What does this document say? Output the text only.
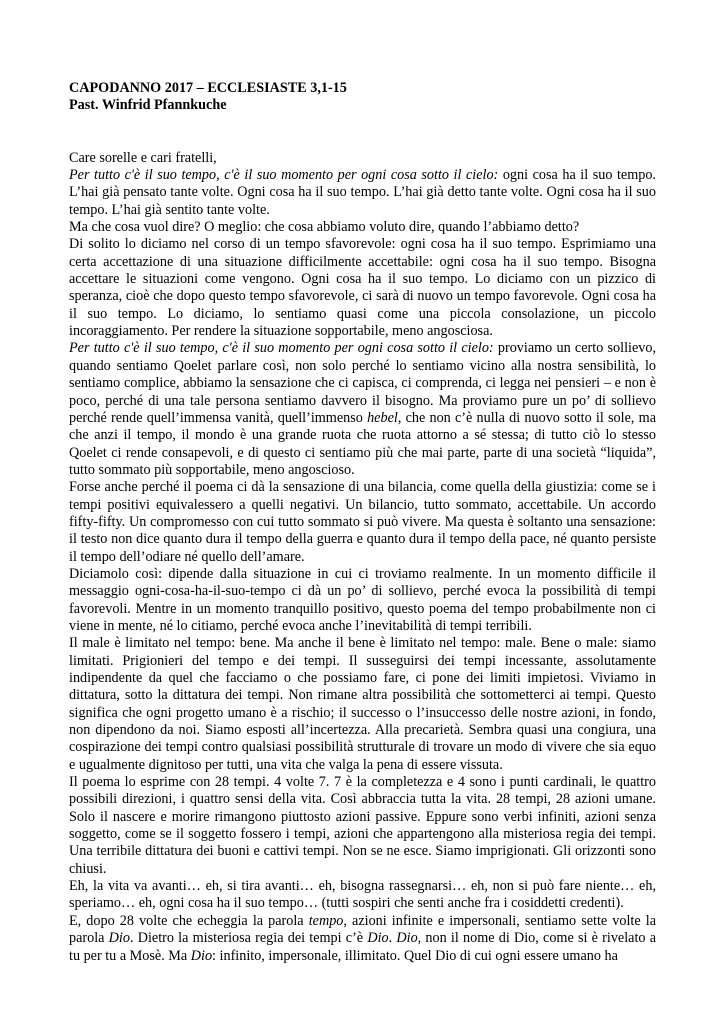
CAPODANNO 2017 – ECCLESIASTE 3,1-15

Past. Winfrid Pfannkuche

Care sorelle e cari fratelli,

Per tutto c'è il suo tempo, c'è il suo momento per ogni cosa sotto il cielo: ogni cosa ha il suo tempo. L’hai già pensato tante volte. Ogni cosa ha il suo tempo. L’hai già detto tante volte. Ogni cosa ha il suo tempo. L’hai già sentito tante volte.

Ma che cosa vuol dire? O meglio: che cosa abbiamo voluto dire, quando l’abbiamo detto?

Di solito lo diciamo nel corso di un tempo sfavorevole: ogni cosa ha il suo tempo. Esprimiamo una certa accettazione di una situazione difficilmente accettabile: ogni cosa ha il suo tempo. Bisogna accettare le situazioni come vengono. Ogni cosa ha il suo tempo. Lo diciamo con un pizzico di speranza, cioè che dopo questo tempo sfavorevole, ci sarà di nuovo un tempo favorevole. Ogni cosa ha il suo tempo. Lo diciamo, lo sentiamo quasi come una piccola consolazione, un piccolo incoraggiamento. Per rendere la situazione sopportabile, meno angosciosa.

Per tutto c'è il suo tempo, c'è il suo momento per ogni cosa sotto il cielo: proviamo un certo sollievo, quando sentiamo Qoelet parlare così, non solo perché lo sentiamo vicino alla nostra sensibilità, lo sentiamo complice, abbiamo la sensazione che ci capisca, ci comprenda, ci legga nei pensieri – e non è poco, perché di una tale persona sentiamo davvero il bisogno. Ma proviamo pure un po’ di sollievo perché rende quell’immensa vanità, quell’immenso hebel, che non c’è nulla di nuovo sotto il sole, ma che anzi il tempo, il mondo è una grande ruota che ruota attorno a sé stessa; di tutto ciò lo stesso Qoelet ci rende consapevoli, e di questo ci sentiamo più che mai parte, parte di una società “liquida”, tutto sommato più sopportabile, meno angoscioso.

Forse anche perché il poema ci dà la sensazione di una bilancia, come quella della giustizia: come se i tempi positivi equivalessero a quelli negativi. Un bilancio, tutto sommato, accettabile. Un accordo fifty-fifty. Un compromesso con cui tutto sommato si può vivere. Ma questa è soltanto una sensazione: il testo non dice quanto dura il tempo della guerra e quanto dura il tempo della pace, né quanto persiste il tempo dell’odiare né quello dell’amare.

Diciamolo così: dipende dalla situazione in cui ci troviamo realmente. In un momento difficile il messaggio ogni-cosa-ha-il-suo-tempo ci dà un po’ di sollievo, perché evoca la possibilità di tempi favorevoli. Mentre in un momento tranquillo positivo, questo poema del tempo probabilmente non ci viene in mente, né lo citiamo, perché evoca anche l’inevitabilità di tempi terribili.

Il male è limitato nel tempo: bene. Ma anche il bene è limitato nel tempo: male. Bene o male: siamo limitati. Prigionieri del tempo e dei tempi. Il susseguirsi dei tempi incessante, assolutamente indipendente da quel che facciamo o che possiamo fare, ci pone dei limiti impietosi. Viviamo in dittatura, sotto la dittatura dei tempi. Non rimane altra possibilità che sottometterci ai tempi. Questo significa che ogni progetto umano è a rischio; il successo o l’insuccesso delle nostre azioni, in fondo, non dipendono da noi. Siamo esposti all’incertezza. Alla precarietà. Sembra quasi una congiura, una cospirazione dei tempi contro qualsiasi possibilità strutturale di trovare un modo di vivere che sia equo e ugualmente dignitoso per tutti, una vita che valga la pena di essere vissuta.

Il poema lo esprime con 28 tempi. 4 volte 7. 7 è la completezza e 4 sono i punti cardinali, le quattro possibili direzioni, i quattro sensi della vita. Così abbraccia tutta la vita. 28 tempi, 28 azioni umane. Solo il nascere e morire rimangono piuttosto azioni passive. Eppure sono verbi infiniti, azioni senza soggetto, come se il soggetto fossero i tempi, azioni che appartengono alla misteriosa regia dei tempi. Una terribile dittatura dei buoni e cattivi tempi. Non se ne esce. Siamo imprigionati. Gli orizzonti sono chiusi.

Eh, la vita va avanti… eh, si tira avanti… eh, bisogna rassegnarsi… eh, non si può fare niente… eh, speriamo… eh, ogni cosa ha il suo tempo… (tutti sospiri che senti anche fra i cosiddetti credenti).

E, dopo 28 volte che echeggia la parola tempo, azioni infinite e impersonali, sentiamo sette volte la parola Dio. Dietro la misteriosa regia dei tempi c’è Dio. Dio, non il nome di Dio, come si è rivelato a tu per tu a Mosè. Ma Dio: infinito, impersonale, illimitato. Quel Dio di cui ogni essere umano ha
